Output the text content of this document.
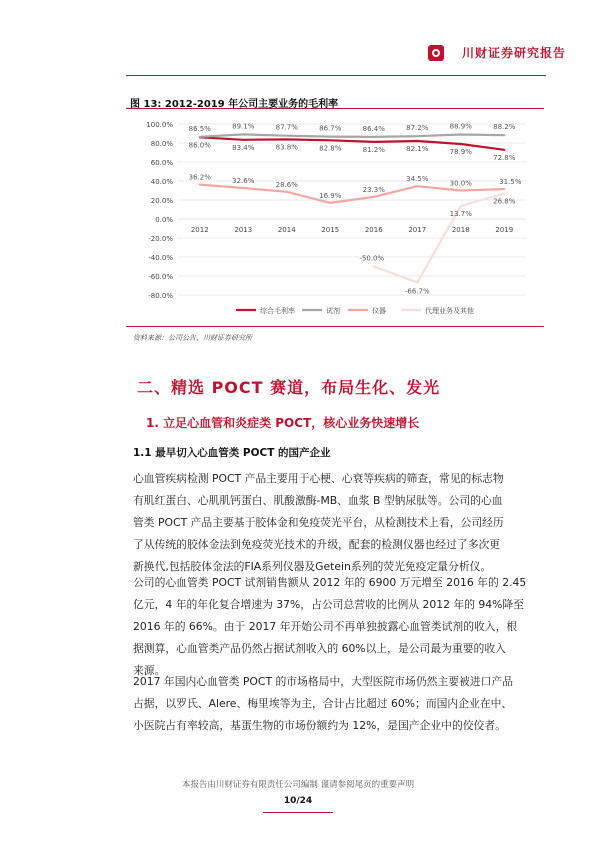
川财证券研究报告
图 13: 2012-2019 年公司主要业务的毛利率
100.0%
80.0%
60.0%
40.0%
20.0%
0.0%
-20.0%
-40.0%
-60.0%
-80.0%
2012	2013	2014	2015	2016	2017	2018	2019
86.0%	83.4%	83.8%	82.8%	81.2%	82.1%	78.9%
72.8%
86.5%	89.1%	87.7%	86.7%	86.4%	87.2%	88.9%	88.2%
36.2%	32.6%	28.6%
16.9%
23.3%
34.5%
30.0%	31.5%
-50.0%
-66.7%
13.7%
26.8%
综合毛利率	试剂	仪器	代理业务及其他
资料来源：公司公告，川财证券研究所
二、精选 POCT 赛道，布局生化、发光
1. 立足心血管和炎症类 POCT，核心业务快速增长
1.1 最早切入心血管类 POCT 的国产企业

心血管疾病检测 POCT 产品主要用于心梗、心衰等疾病的筛查，常见的标志物
有肌红蛋白、心肌肌钙蛋白、肌酸激酶-MB、血浆 B 型钠尿肽等。公司的心血
管类 POCT 产品主要基于胶体金和免疫荧光平台，从检测技术上看，公司经历
了从传统的胶体金法到免疫荧光技术的升级，配套的检测仪器也经过了多次更
新换代,包括胶体金法的FIA系列仪器及Getein系列的荧光免疫定量分析仪。

公司的心血管类 POCT 试剂销售额从 2012 年的 6900 万元增至 2016 年的 2.45
亿元，4 年的年化复合增速为 37%，占公司总营收的比例从 2012 年的 94%降至
2016 年的 66%。由于 2017 年开始公司不再单独披露心血管类试剂的收入，根
据测算，心血管类产品仍然占据试剂收入的 60%以上，是公司最为重要的收入
来源。

2017 年国内心血管类 POCT 的市场格局中，大型医院市场仍然主要被进口产品
占据，以罗氏、Alere、梅里埃等为主，合计占比超过 60%；而国内企业在中、
小医院占有率较高，基蛋生物的市场份额约为 12%，是国产企业中的佼佼者。

本报告由川财证券有限责任公司编制 谨请参阅尾页的重要声明
10/24
